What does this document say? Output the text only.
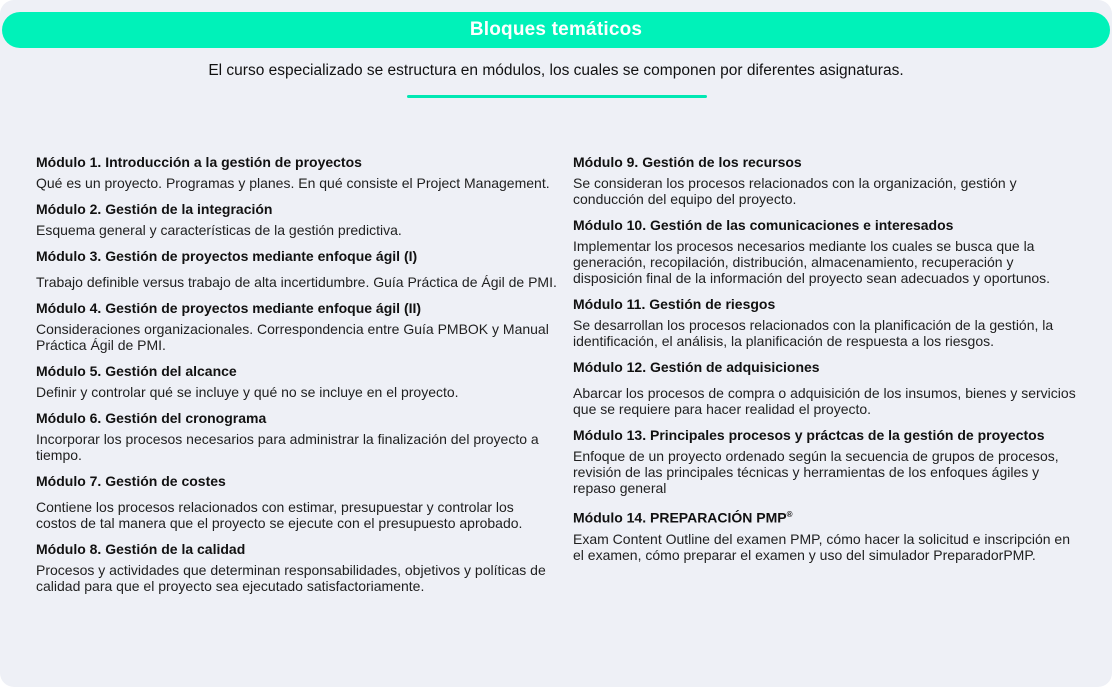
Bloques temáticos
El curso especializado se estructura en módulos, los cuales se componen por diferentes asignaturas.

Módulo 1. Introducción a la gestión de proyectos

Qué es un proyecto. Programas y planes. En qué consiste el Project Management.

Módulo 2. Gestión de la integración

Esquema general y características de la gestión predictiva.

Módulo 3. Gestión de proyectos mediante enfoque ágil (I)

Trabajo definible versus trabajo de alta incertidumbre. Guía Práctica de Ágil de PMI.

Módulo 4. Gestión de proyectos mediante enfoque ágil (II)

Consideraciones organizacionales. Correspondencia entre Guía PMBOK y Manual Práctica Ágil de PMI.

Módulo 5. Gestión del alcance

Definir y controlar qué se incluye y qué no se incluye en el proyecto.

Módulo 6. Gestión del cronograma

Incorporar los procesos necesarios para administrar la finalización del proyecto a tiempo.

Módulo 7. Gestión de costes

Contiene los procesos relacionados con estimar, presupuestar y controlar los costos de tal manera que el proyecto se ejecute con el presupuesto aprobado.

Módulo 8. Gestión de la calidad

Procesos y actividades que determinan responsabilidades, objetivos y políticas de calidad para que el proyecto sea ejecutado satisfactoriamente.

Módulo 9. Gestión de los recursos

Se consideran los procesos relacionados con la organización, gestión y conducción del equipo del proyecto.

Módulo 10. Gestión de las comunicaciones e interesados

Implementar los procesos necesarios mediante los cuales se busca que la generación, recopilación, distribución, almacenamiento, recuperación y disposición final de la información del proyecto sean adecuados y oportunos.

Módulo 11. Gestión de riesgos

Se desarrollan los procesos relacionados con la planificación de la gestión, la identificación, el análisis, la planificación de respuesta a los riesgos.

Módulo 12. Gestión de adquisiciones

Abarcar los procesos de compra o adquisición de los insumos, bienes y servicios que se requiere para hacer realidad el proyecto.

Módulo 13. Principales procesos y práctcas de la gestión de proyectos

Enfoque de un proyecto ordenado según la secuencia de grupos de procesos, revisión de las principales técnicas y herramientas de los enfoques ágiles y repaso general

Módulo 14. PREPARACIÓN PMP®

Exam Content Outline del examen PMP, cómo hacer la solicitud e inscripción en el examen, cómo preparar el examen y uso del simulador PreparadorPMP.
